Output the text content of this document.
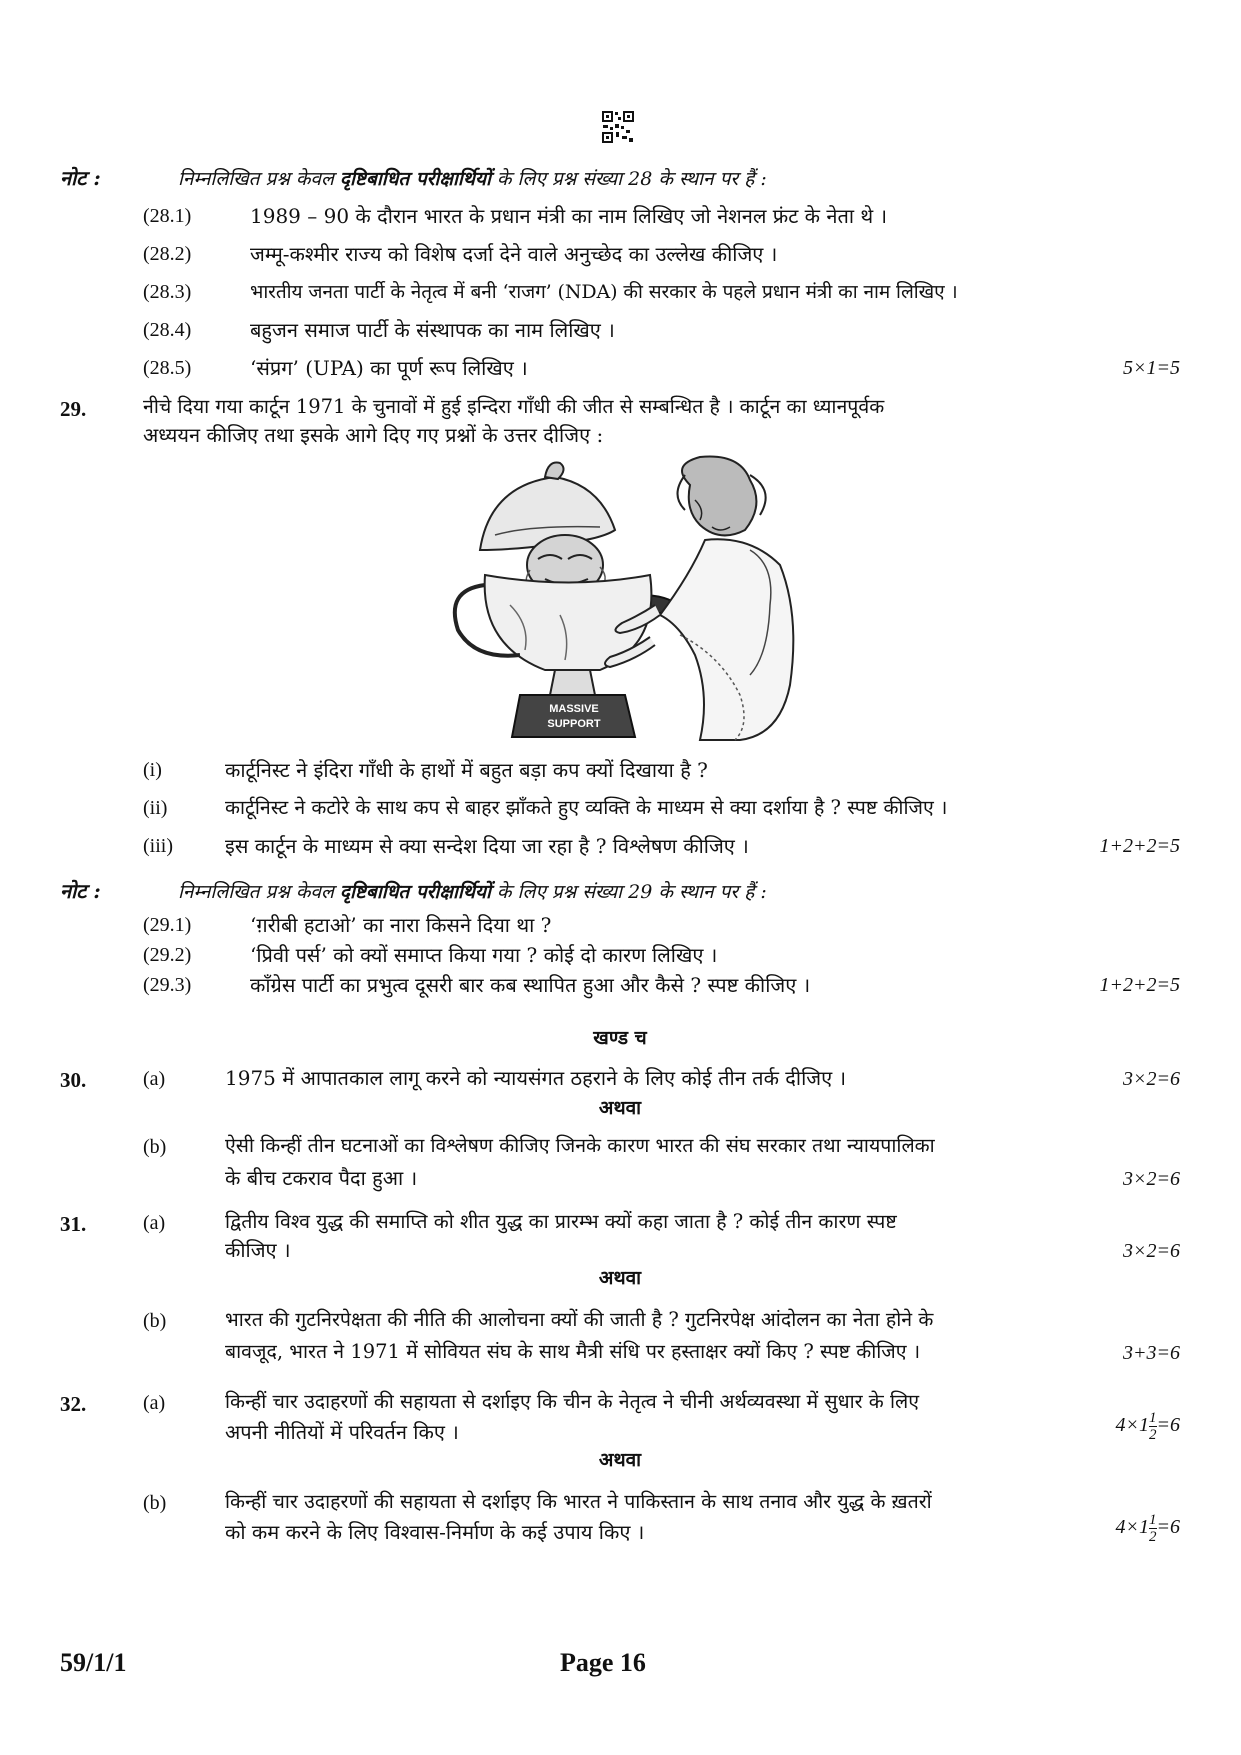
नोट :	निम्नलिखित प्रश्न केवल दृष्टिबाधित परीक्षार्थियों के लिए प्रश्न संख्या 28 के स्थान पर हैं :
(28.1)	1989 – 90 के दौरान भारत के प्रधान मंत्री का नाम लिखिए जो नेशनल फ्रंट के नेता थे ।
(28.2)	जम्मू-कश्मीर राज्य को विशेष दर्जा देने वाले अनुच्छेद का उल्लेख कीजिए ।
(28.3)	भारतीय जनता पार्टी के नेतृत्व में बनी ‘राजग’ (NDA) की सरकार के पहले प्रधान मंत्री का नाम लिखिए ।
(28.4)	बहुजन समाज पार्टी के संस्थापक का नाम लिखिए ।
(28.5)	‘संप्रग’ (UPA) का पूर्ण रूप लिखिए ।	5×1=5
29.	नीचे दिया गया कार्टून 1971 के चुनावों में हुई इन्दिरा गाँधी की जीत से सम्बन्धित है । कार्टून का ध्यानपूर्वक
अध्ययन कीजिए तथा इसके आगे दिए गए प्रश्नों के उत्तर दीजिए :
MASSIVE
SUPPORT
(i)	कार्टूनिस्ट ने इंदिरा गाँधी के हाथों में बहुत बड़ा कप क्यों दिखाया है ?
(ii)	कार्टूनिस्ट ने कटोरे के साथ कप से बाहर झाँकते हुए व्यक्ति के माध्यम से क्या दर्शाया है ? स्पष्ट कीजिए ।
(iii)	इस कार्टून के माध्यम से क्या सन्देश दिया जा रहा है ? विश्लेषण कीजिए ।	1+2+2=5
नोट :	निम्नलिखित प्रश्न केवल दृष्टिबाधित परीक्षार्थियों के लिए प्रश्न संख्या 29 के स्थान पर हैं :
(29.1)	‘ग़रीबी हटाओ’ का नारा किसने दिया था ?
(29.2)	‘प्रिवी पर्स’ को क्यों समाप्त किया गया ? कोई दो कारण लिखिए ।
(29.3)	काँग्रेस पार्टी का प्रभुत्व दूसरी बार कब स्थापित हुआ और कैसे ? स्पष्ट कीजिए ।	1+2+2=5
खण्ड च
30.	(a)	1975 में आपातकाल लागू करने को न्यायसंगत ठहराने के लिए कोई तीन तर्क दीजिए ।	3×2=6
अथवा
(b)	ऐसी किन्हीं तीन घटनाओं का विश्लेषण कीजिए जिनके कारण भारत की संघ सरकार तथा न्यायपालिका
के बीच टकराव पैदा हुआ ।	3×2=6
31.	(a)	द्वितीय विश्व युद्ध की समाप्ति को शीत युद्ध का प्रारम्भ क्यों कहा जाता है ? कोई तीन कारण स्पष्ट
कीजिए ।	3×2=6
अथवा
(b)	भारत की गुटनिरपेक्षता की नीति की आलोचना क्यों की जाती है ? गुटनिरपेक्ष आंदोलन का नेता होने के
बावजूद, भारत ने 1971 में सोवियत संघ के साथ मैत्री संधि पर हस्ताक्षर क्यों किए ? स्पष्ट कीजिए ।	3+3=6
32.	(a)	किन्हीं चार उदाहरणों की सहायता से दर्शाइए कि चीन के नेतृत्व ने चीनी अर्थव्यवस्था में सुधार के लिए
अपनी नीतियों में परिवर्तन किए ।	$4\times 1 \frac{1}{2} =6$
अथवा
(b)	किन्हीं चार उदाहरणों की सहायता से दर्शाइए कि भारत ने पाकिस्तान के साथ तनाव और युद्ध के ख़तरों
को कम करने के लिए विश्वास-निर्माण के कई उपाय किए ।	$4\times 1 \frac{1}{2} =6$
59/1/1	Page 16
